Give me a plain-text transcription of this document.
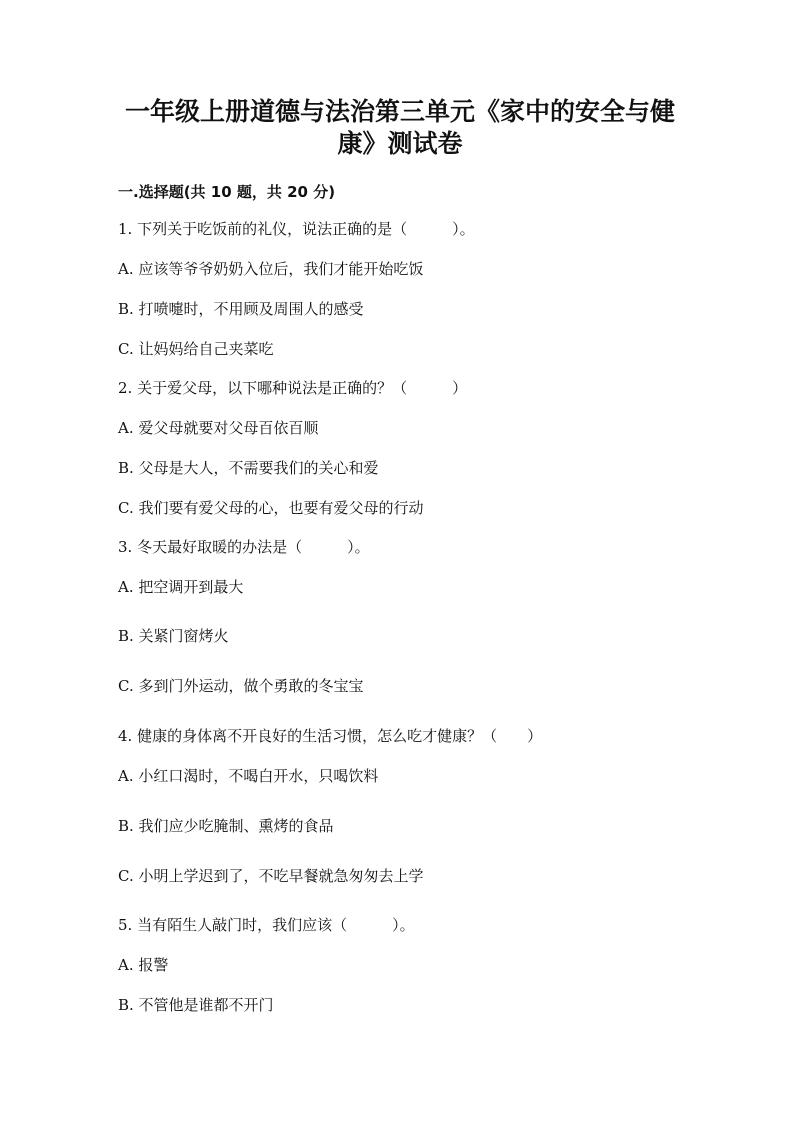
一年级上册道德与法治第三单元《家中的安全与健康》测试卷
一.选择题(共 10 题，共 20 分)
1. 下列关于吃饭前的礼仪，说法正确的是（　　　）。
A. 应该等爷爷奶奶入位后，我们才能开始吃饭
B. 打喷嚏时，不用顾及周围人的感受
C. 让妈妈给自己夹菜吃
2. 关于爱父母，以下哪种说法是正确的？（　　　）
A. 爱父母就要对父母百依百顺
B. 父母是大人，不需要我们的关心和爱
C. 我们要有爱父母的心，也要有爱父母的行动
3. 冬天最好取暖的办法是（　　　）。
A. 把空调开到最大
B. 关紧门窗烤火
C. 多到门外运动，做个勇敢的冬宝宝
4. 健康的身体离不开良好的生活习惯，怎么吃才健康？（　　）
A. 小红口渴时，不喝白开水，只喝饮料
B. 我们应少吃腌制、熏烤的食品
C. 小明上学迟到了，不吃早餐就急匆匆去上学
5. 当有陌生人敲门时，我们应该（　　　）。
A. 报警
B. 不管他是谁都不开门
